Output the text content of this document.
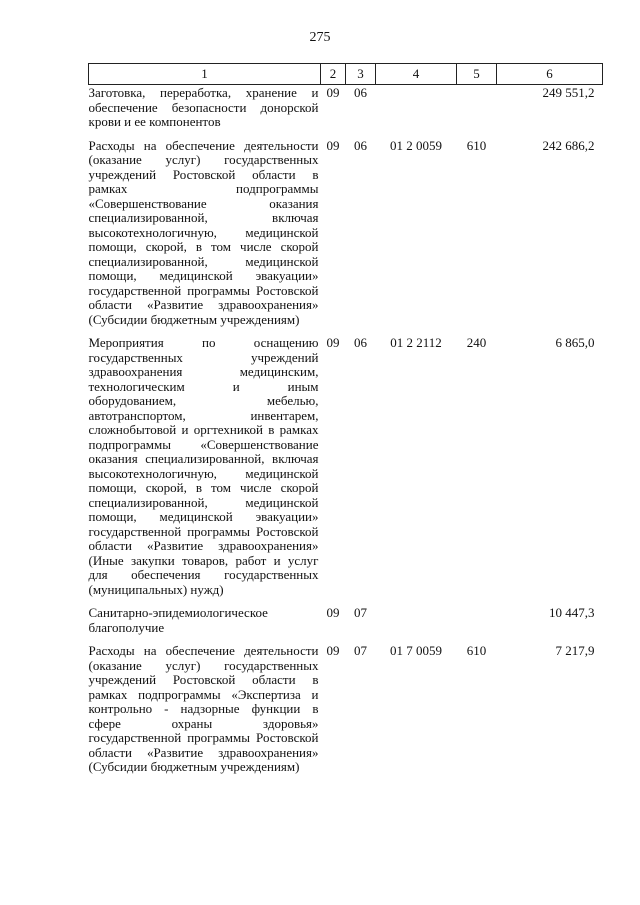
275
1	2	3	4	5	6
Заготовка, переработка, хранение и обеспечение безопасности донорской крови и ее компонентов	09	06			249 551,2
Расходы на обеспечение деятельности (оказание услуг) государственных учреждений Ростовской области в рамках подпрограммы «Совершенствование оказания специализированной, включая высокотехнологичную, медицинской помощи, скорой, в том числе скорой специализированной, медицинской помощи, медицинской эвакуации» государственной программы Ростовской области «Развитие здравоохранения» (Субсидии бюджетным учреждениям)	09	06	01 2 0059	610	242 686,2
Мероприятия по оснащению государственных учреждений здравоохранения медицинским, технологическим и иным оборудованием, мебелью, автотранспортом, инвентарем, сложнобытовой и оргтехникой в рамках подпрограммы «Совершенствование оказания специализированной, включая высокотехнологичную, медицинской помощи, скорой, в том числе скорой специализированной, медицинской помощи, медицинской эвакуации» государственной программы Ростовской области «Развитие здравоохранения» (Иные закупки товаров, работ и услуг для обеспечения государственных (муниципальных) нужд)	09	06	01 2 2112	240	6 865,0
Санитарно-эпидемиологическое благополучие	09	07			10 447,3
Расходы на обеспечение деятельности (оказание услуг) государственных учреждений Ростовской области в рамках подпрограммы «Экспертиза и контрольно - надзорные функции в сфере охраны здоровья» государственной программы Ростовской области «Развитие здравоохранения» (Субсидии бюджетным учреждениям)	09	07	01 7 0059	610	7 217,9
